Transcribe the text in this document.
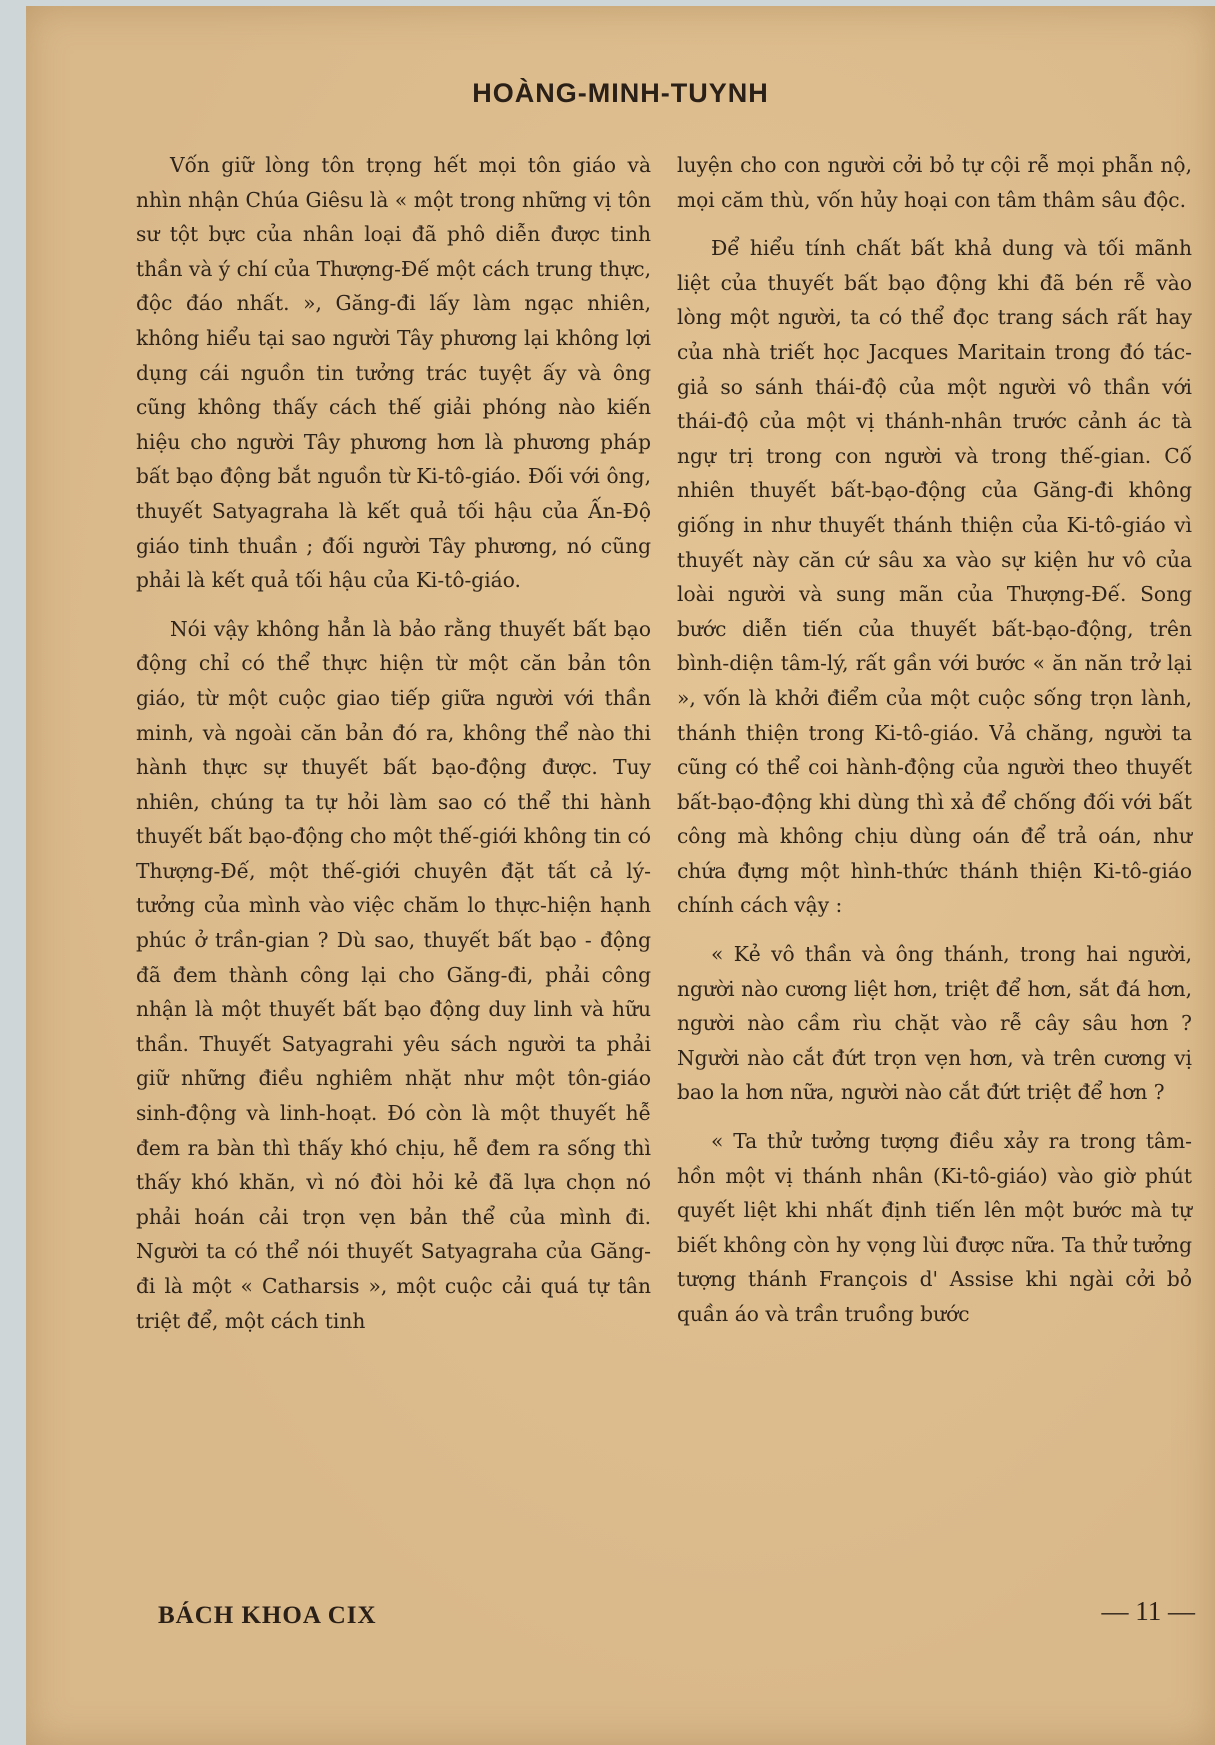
HOÀNG-MINH-TUYNH

Vốn giữ lòng tôn trọng hết mọi tôn giáo và nhìn nhận Chúa Giêsu là « một trong những vị tôn sư tột bực của nhân loại đã phô diễn được tinh thần và ý chí của Thượng-Đế một cách trung thực, độc đáo nhất. », Găng-đi lấy làm ngạc nhiên, không hiểu tại sao người Tây phương lại không lợi dụng cái nguồn tin tưởng trác tuyệt ấy và ông cũng không thấy cách thế giải phóng nào kiến hiệu cho người Tây phương hơn là phương pháp bất bạo động bắt nguồn từ Ki-tô-giáo. Đối với ông, thuyết Satyagraha là kết quả tối hậu của Ấn-Độ giáo tinh thuần ; đối người Tây phương, nó cũng phải là kết quả tối hậu của Ki-tô-giáo.

Nói vậy không hẳn là bảo rằng thuyết bất bạo động chỉ có thể thực hiện từ một căn bản tôn giáo, từ một cuộc giao tiếp giữa người với thần minh, và ngoài căn bản đó ra, không thể nào thi hành thực sự thuyết bất bạo-động được. Tuy nhiên, chúng ta tự hỏi làm sao có thể thi hành thuyết bất bạo-động cho một thế-giới không tin có Thượng-Đế, một thế-giới chuyên đặt tất cả lý-tưởng của mình vào việc chăm lo thực-hiện hạnh phúc ở trần-gian ? Dù sao, thuyết bất bạo - động đã đem thành công lại cho Găng-đi, phải công nhận là một thuyết bất bạo động duy linh và hữu thần. Thuyết Satyagrahi yêu sách người ta phải giữ những điều nghiêm nhặt như một tôn-giáo sinh-động và linh-hoạt. Đó còn là một thuyết hễ đem ra bàn thì thấy khó chịu, hễ đem ra sống thì thấy khó khăn, vì nó đòi hỏi kẻ đã lựa chọn nó phải hoán cải trọn vẹn bản thể của mình đi. Người ta có thể nói thuyết Satyagraha của Găng-đi là một « Catharsis », một cuộc cải quá tự tân triệt để, một cách tinh

luyện cho con người cởi bỏ tự cội rễ mọi phẫn nộ, mọi căm thù, vốn hủy hoại con tâm thâm sâu độc.

Để hiểu tính chất bất khả dung và tối mãnh liệt của thuyết bất bạo động khi đã bén rễ vào lòng một người, ta có thể đọc trang sách rất hay của nhà triết học Jacques Maritain trong đó tác-giả so sánh thái-độ của một người vô thần với thái-độ của một vị thánh-nhân trước cảnh ác tà ngự trị trong con người và trong thế-gian. Cố nhiên thuyết bất-bạo-động của Găng-đi không giống in như thuyết thánh thiện của Ki-tô-giáo vì thuyết này căn cứ sâu xa vào sự kiện hư vô của loài người và sung mãn của Thượng-Đế. Song bước diễn tiến của thuyết bất-bạo-động, trên bình-diện tâm-lý, rất gần với bước « ăn năn trở lại », vốn là khởi điểm của một cuộc sống trọn lành, thánh thiện trong Ki-tô-giáo. Vả chăng, người ta cũng có thể coi hành-động của người theo thuyết bất-bạo-động khi dùng thì xả để chống đối với bất công mà không chịu dùng oán để trả oán, như chứa đựng một hình-thức thánh thiện Ki-tô-giáo chính cách vậy :

« Kẻ vô thần và ông thánh, trong hai người, người nào cương liệt hơn, triệt để hơn, sắt đá hơn, người nào cầm rìu chặt vào rễ cây sâu hơn ? Người nào cắt đứt trọn vẹn hơn, và trên cương vị bao la hơn nữa, người nào cắt đứt triệt để hơn ?

« Ta thử tưởng tượng điều xảy ra trong tâm-hồn một vị thánh nhân (Ki-tô-giáo) vào giờ phút quyết liệt khi nhất định tiến lên một bước mà tự biết không còn hy vọng lùi được nữa. Ta thử tưởng tượng thánh François d' Assise khi ngài cởi bỏ quần áo và trần truồng bước

BÁCH KHOA CIX	— 11 —
